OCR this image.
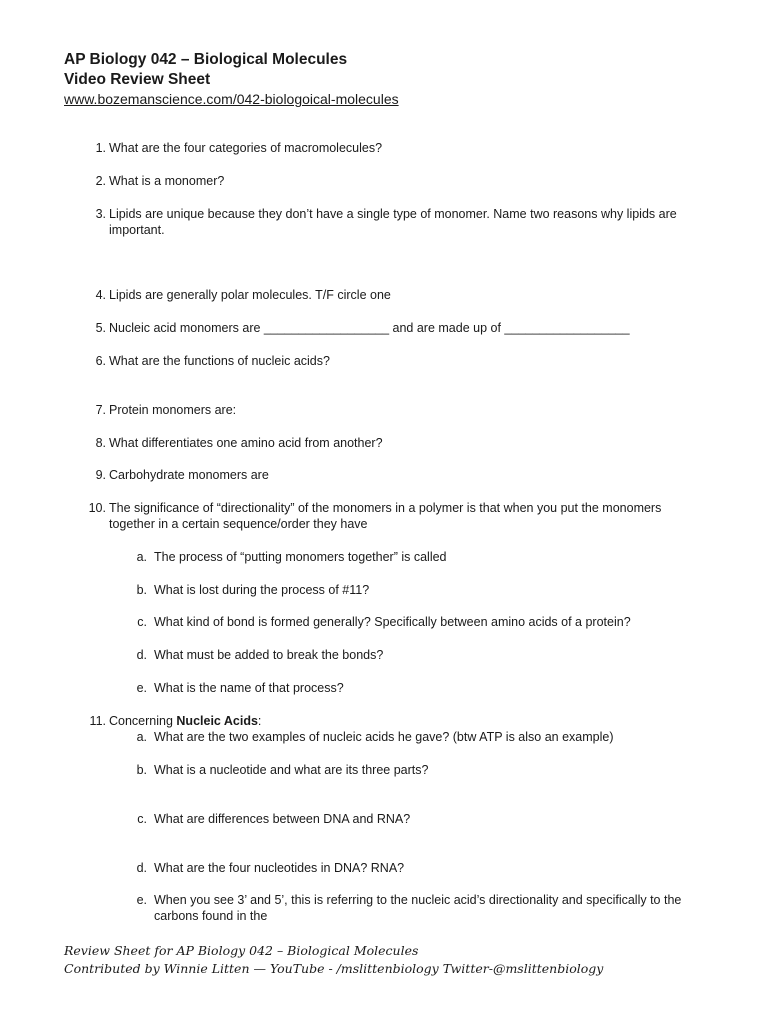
AP Biology 042 – Biological Molecules
Video Review Sheet
www.bozemanscience.com/042-biologoical-molecules
1. What are the four categories of macromolecules?
2. What is a monomer?
3. Lipids are unique because they don’t have a single type of monomer. Name two reasons why lipids are important.
4. Lipids are generally polar molecules. T/F circle one
5. Nucleic acid monomers are __________________ and are made up of __________________
6. What are the functions of nucleic acids?
7. Protein monomers are:
8. What differentiates one amino acid from another?
9. Carbohydrate monomers are
10. The significance of “directionality” of the monomers in a polymer is that when you put the monomers together in a certain sequence/order they have
a. The process of “putting monomers together” is called
b. What is lost during the process of #11?
c. What kind of bond is formed generally? Specifically between amino acids of a protein?
d. What must be added to break the bonds?
e. What is the name of that process?
11. Concerning Nucleic Acids:
a. What are the two examples of nucleic acids he gave? (btw ATP is also an example)
b. What is a nucleotide and what are its three parts?
c. What are differences between DNA and RNA?
d. What are the four nucleotides in DNA? RNA?
e. When you see 3’ and 5’, this is referring to the nucleic acid’s directionality and specifically to the carbons found in the
Review Sheet for AP Biology 042 – Biological Molecules
Contributed by Winnie Litten — YouTube - /mslittenbiology Twitter-@mslittenbiology
